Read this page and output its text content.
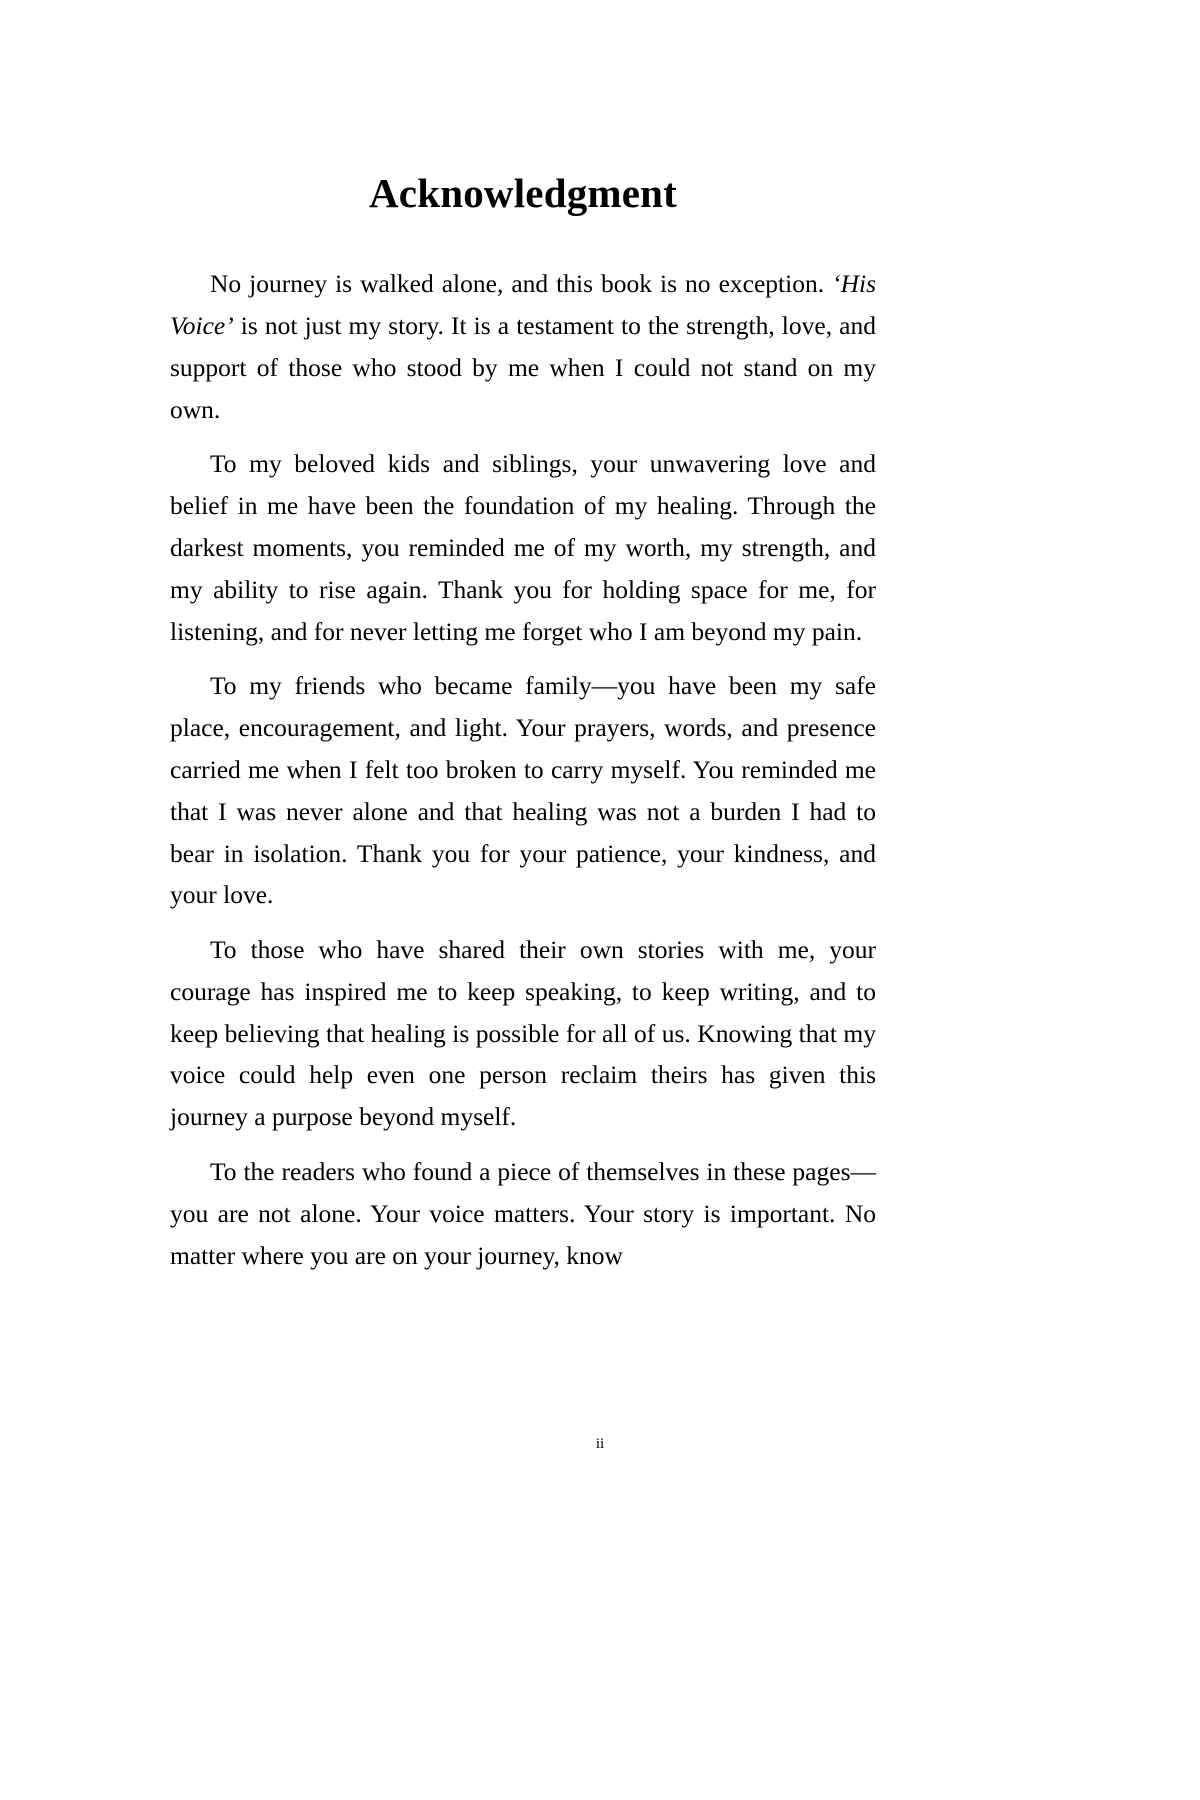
Acknowledgment

No journey is walked alone, and this book is no exception. ‘His Voice’ is not just my story. It is a testament to the strength, love, and support of those who stood by me when I could not stand on my own.

To my beloved kids and siblings, your unwavering love and belief in me have been the foundation of my healing. Through the darkest moments, you reminded me of my worth, my strength, and my ability to rise again. Thank you for holding space for me, for listening, and for never letting me forget who I am beyond my pain.

To my friends who became family—you have been my safe place, encouragement, and light. Your prayers, words, and presence carried me when I felt too broken to carry myself. You reminded me that I was never alone and that healing was not a burden I had to bear in isolation. Thank you for your patience, your kindness, and your love.

To those who have shared their own stories with me, your courage has inspired me to keep speaking, to keep writing, and to keep believing that healing is possible for all of us. Knowing that my voice could help even one person reclaim theirs has given this journey a purpose beyond myself.

To the readers who found a piece of themselves in these pages—you are not alone. Your voice matters. Your story is important. No matter where you are on your journey, know

ii
